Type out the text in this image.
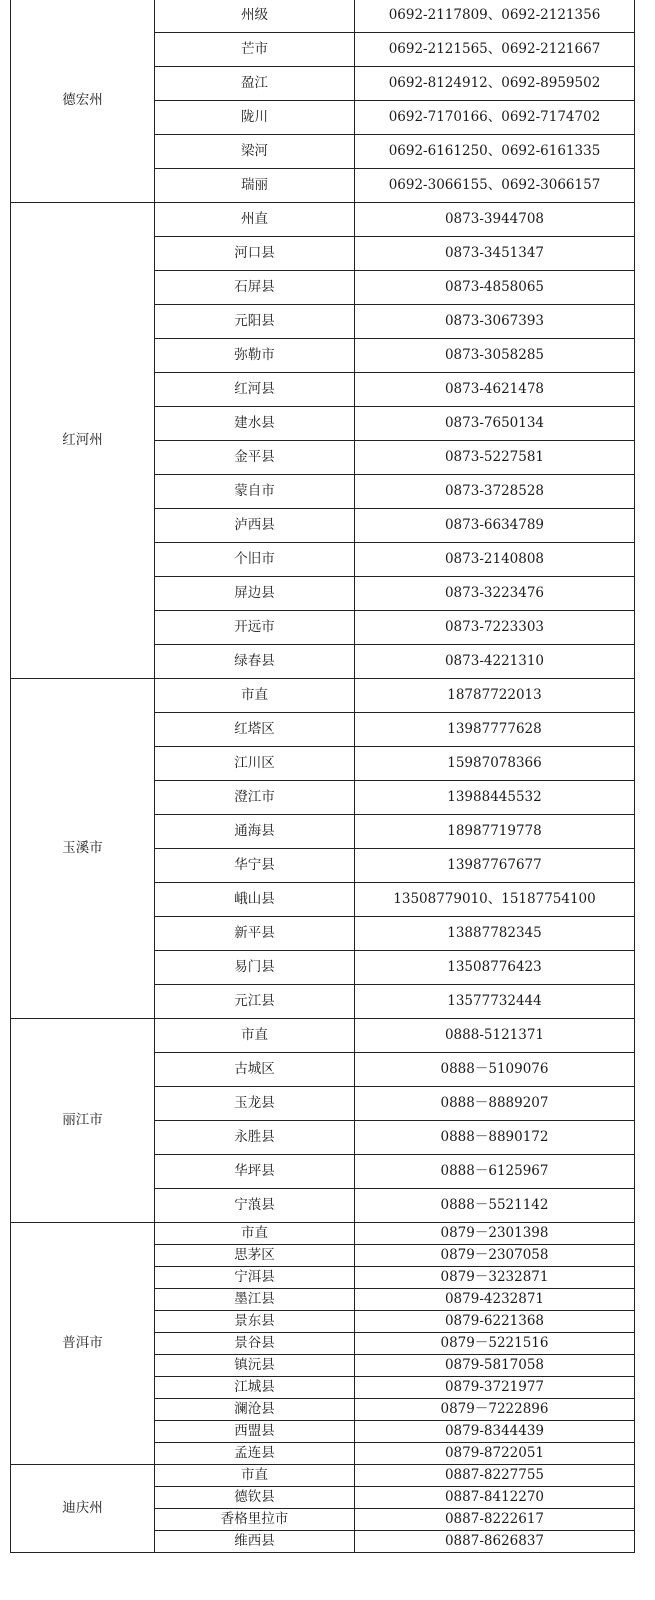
德宏州	州级	0692-2117809、0692-2121356
	芒市	0692-2121565、0692-2121667
	盈江	0692-8124912、0692-8959502
	陇川	0692-7170166、0692-7174702
	梁河	0692-6161250、0692-6161335
	瑞丽	0692-3066155、0692-3066157
红河州	州直	0873-3944708
	河口县	0873-3451347
	石屏县	0873-4858065
	元阳县	0873-3067393
	弥勒市	0873-3058285
	红河县	0873-4621478
	建水县	0873-7650134
	金平县	0873-5227581
	蒙自市	0873-3728528
	泸西县	0873-6634789
	个旧市	0873-2140808
	屏边县	0873-3223476
	开远市	0873-7223303
	绿春县	0873-4221310
玉溪市	市直	18787722013
	红塔区	13987777628
	江川区	15987078366
	澄江市	13988445532
	通海县	18987719778
	华宁县	13987767677
	峨山县	13508779010、15187754100
	新平县	13887782345
	易门县	13508776423
	元江县	13577732444
丽江市	市直	0888-5121371
	古城区	0888－5109076
	玉龙县	0888－8889207
	永胜县	0888－8890172
	华坪县	0888－6125967
	宁蒗县	0888－5521142
普洱市	市直	0879－2301398
	思茅区	0879－2307058
	宁洱县	0879－3232871
	墨江县	0879-4232871
	景东县	0879-6221368
	景谷县	0879－5221516
	镇沅县	0879-5817058
	江城县	0879-3721977
	澜沧县	0879－7222896
	西盟县	0879-8344439
	孟连县	0879-8722051
迪庆州	市直	0887-8227755
	德钦县	0887-8412270
	香格里拉市	0887-8222617
	维西县	0887-8626837
